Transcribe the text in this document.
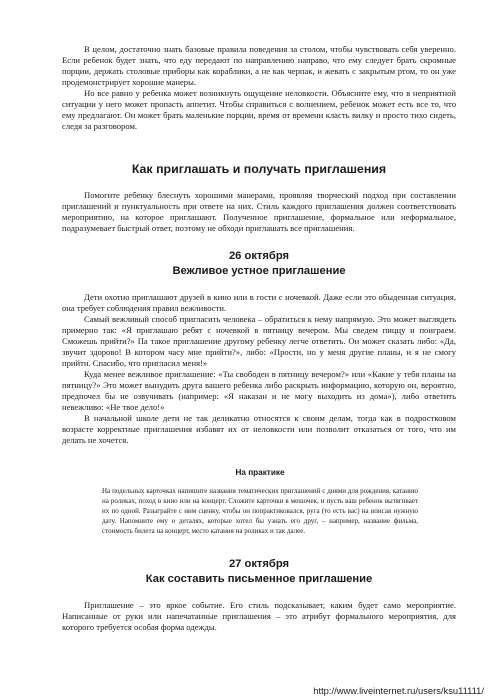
В целом, достаточно знать базовые правила поведения за столом, чтобы чувствовать себя уверенно. Если ребенок будет знать, что еду передают по направлению направо, что ему следует брать скромные порции, держать столовые приборы как кораблики, а не как черпак, и жевать с закрытым ртом, то он уже продемонстрирует хорошие манеры.

Но все равно у ребенка может возникнуть ощущение неловкости. Объясните ему, что в неприятной ситуации у него может пропасть аппетит. Чтобы справиться с волнением, ребенок может есть все то, что ему предлагают. Он может брать маленькие порции, время от времени класть вилку и просто тихо сидеть, следя за разговором.

Как приглашать и получать приглашения

Помогите ребенку блеснуть хорошими манерами, проявляя творческий подход при составлении приглашений и пунктуальность при ответе на них. Стиль каждого приглашения должен соответствовать мероприятию, на которое приглашают. Полученное приглашение, формальное или неформальное, подразумевает быстрый ответ, поэтому не обходи приглашать все приглашения.

26 октября
Вежливое устное приглашение

Дети охотно приглашают друзей в кино или в гости с ночевкой. Даже если это обыденная ситуация, она требует соблюдения правил вежливости.

Самый вежливый способ пригласить человека – обратиться к нему напрямую. Это может выглядеть примерно так: «Я приглашаю ребят с ночевкой в пятницу вечером. Мы сведем пиццу и поиграем. Сможешь прийти?» Па такое приглашение другому ребенку легче ответить. Он может сказать либо: «Да, звучит здорово! В котором часу мне прийти?», либо: «Прости, но у меня другие планы, и я не смогу прийти. Спасибо, что пригласил меня!»

Куда менее вежливое приглашение: «Ты свободен в пятницу вечером?» или «Какие у тебя планы на пятницу?» Это может вынудить друга вашего ребенка либо раскрыть информацию, которую он, вероятно, предпочел бы не озвучивать (например: «Я наказан и не могу выходить из дома»), либо ответить невежливо: «Не твое дело!»

В начальной школе дети не так деликатно относятся к своим делам, тогда как в подростковом возрасте корректные приглашения избавят их от неловкости или позволит отказаться от того, что им делать не хочется.

На практике

На подельных карточках напишите названия тематических приглашений с днями для рождения, катанию на роликах, поход в кино или на концерт. Сложите карточки в мешочек, и пусть ваш ребенок вытягивает их по одной. Разыграйте с ним сценку, чтобы он попрактиковался, руга (то есть вас) на вписав нужную дату. Напомните ему о деталях, которые хотел бы узнать его друг, – например, название фильма, стоимость билета на концерт, место катания на роликах и так далее.

27 октября
Как составить письменное приглашение

Приглашение – это яркое событие. Его стиль подсказывает, каким будет само мероприятие. Написанные от руки или напечатанные приглашения – это атрибут формального мероприятия, для которого требуется особая форма одежды.

http://www.liveinternet.ru/users/ksu11111/
